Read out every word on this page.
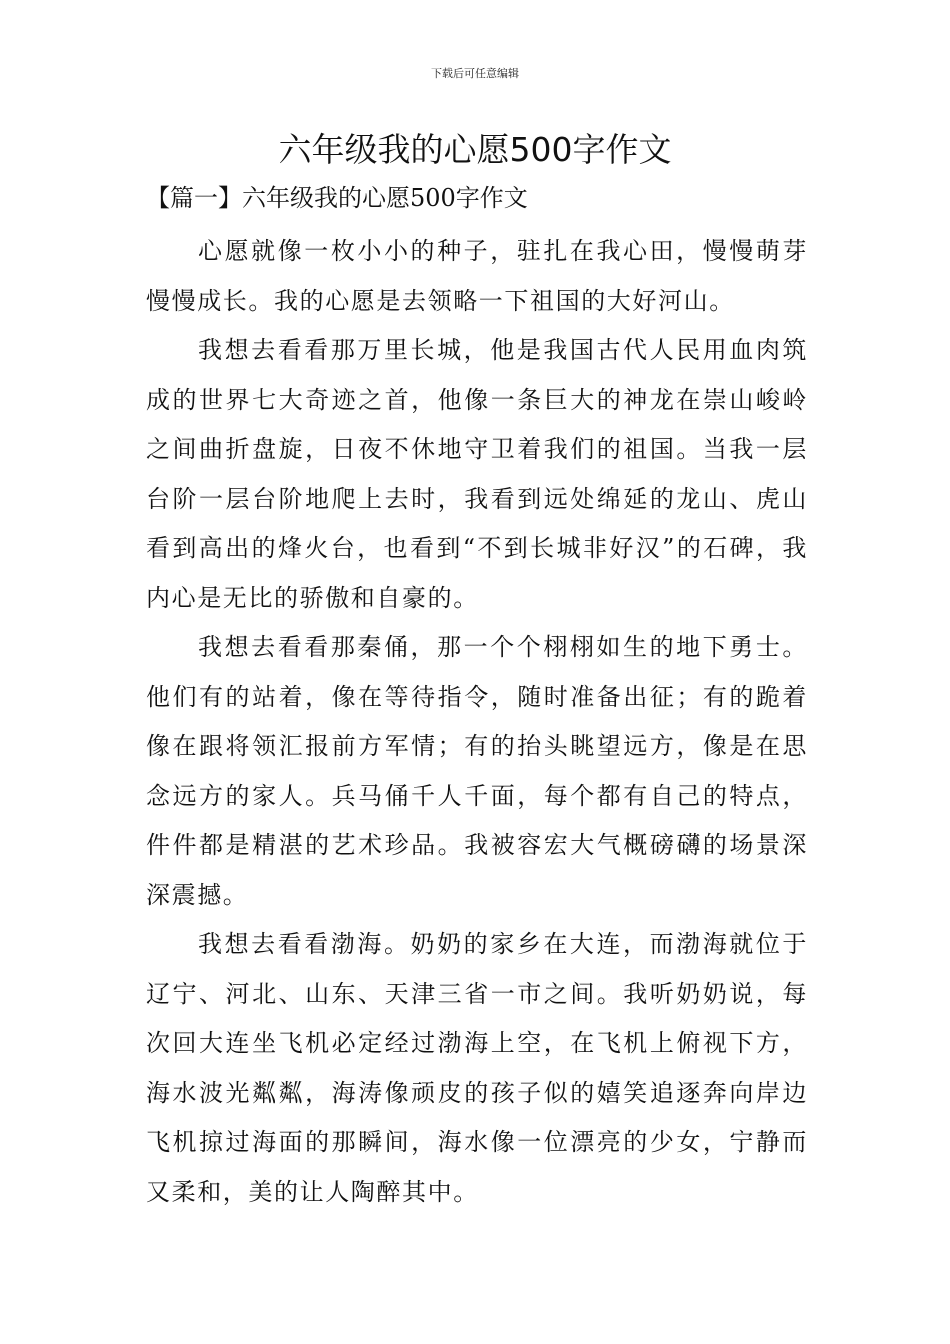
下载后可任意编辑
六年级我的心愿500字作文

【篇一】六年级我的心愿500字作文

心愿就像一枚小小的种子，驻扎在我心田，慢慢萌芽慢慢成长。我的心愿是去领略一下祖国的大好河山。

我想去看看那万里长城，他是我国古代人民用血肉筑成的世界七大奇迹之首，他像一条巨大的神龙在崇山峻岭之间曲折盘旋，日夜不休地守卫着我们的祖国。当我一层台阶一层台阶地爬上去时，我看到远处绵延的龙山、虎山看到高出的烽火台，也看到“不到长城非好汉”的石碑，我内心是无比的骄傲和自豪的。

我想去看看那秦俑，那一个个栩栩如生的地下勇士。他们有的站着，像在等待指令，随时准备出征；有的跪着像在跟将领汇报前方军情；有的抬头眺望远方，像是在思念远方的家人。兵马俑千人千面，每个都有自己的特点，件件都是精湛的艺术珍品。我被容宏大气概磅礴的场景深深震撼。

我想去看看渤海。奶奶的家乡在大连，而渤海就位于辽宁、河北、山东、天津三省一市之间。我听奶奶说，每次回大连坐飞机必定经过渤海上空，在飞机上俯视下方，海水波光粼粼，海涛像顽皮的孩子似的嬉笑追逐奔向岸边飞机掠过海面的那瞬间，海水像一位漂亮的少女，宁静而又柔和，美的让人陶醉其中。
